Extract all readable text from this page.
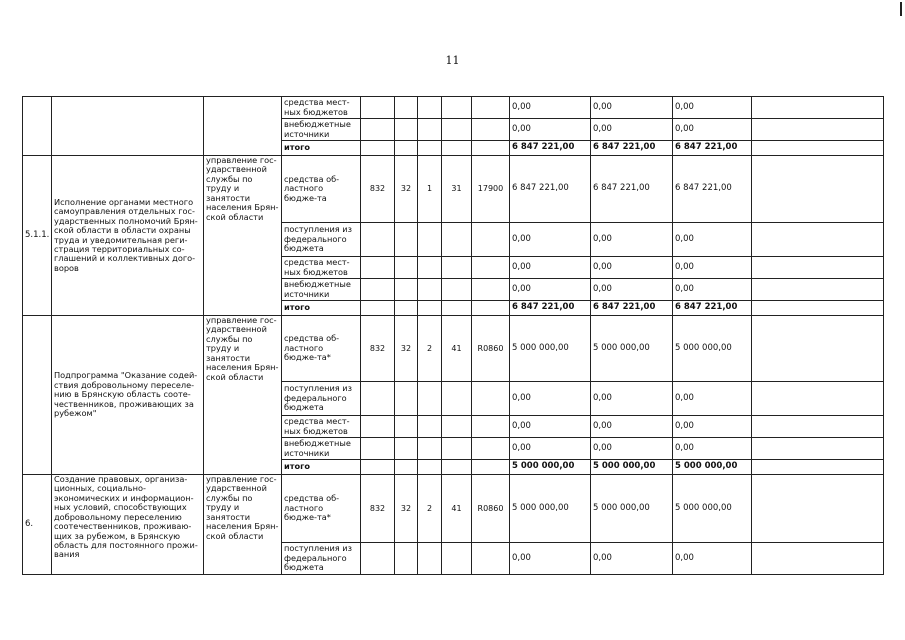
11
			средства мест-ных бюджетов						0,00	0,00	0,00	
			внебюджетные источники						0,00	0,00	0,00	
			итого						6 847 221,00	6 847 221,00	6 847 221,00	
5.1.1.	Исполнение органами местного самоуправления отдельных гос-ударственных полномочий Брян-ской области в области охраны труда и уведомительная реги-страция территориальных со-глашений и коллективных дого-воров	управление гос-ударственной службы по труду и занятости населения Брян-ской области	средства об-ластного бюдже-та	832	32	1	31	17900	6 847 221,00	6 847 221,00	6 847 221,00	
			поступления из федерального бюджета						0,00	0,00	0,00	
			средства мест-ных бюджетов						0,00	0,00	0,00	
			внебюджетные источники						0,00	0,00	0,00	
			итого						6 847 221,00	6 847 221,00	6 847 221,00	
	Подпрограмма "Оказание содей-ствия добровольному переселе-нию в Брянскую область сооте-чественников, проживающих за рубежом"	управление гос-ударственной службы по труду и занятости населения Брян-ской области	средства об-ластного бюдже-та*	832	32	2	41	R0860	5 000 000,00	5 000 000,00	5 000 000,00	
			поступления из федерального бюджета						0,00	0,00	0,00	
			средства мест-ных бюджетов						0,00	0,00	0,00	
			внебюджетные источники						0,00	0,00	0,00	
			итого						5 000 000,00	5 000 000,00	5 000 000,00	
6.	Создание правовых, организа-ционных, социально-экономических и информацион-ных условий, способствующих добровольному переселению соотечественников, проживаю-щих за рубежом, в Брянскую область для постоянного прожи-вания	управление гос-ударственной службы по труду и занятости населения Брян-ской области	средства об-ластного бюдже-та*	832	32	2	41	R0860	5 000 000,00	5 000 000,00	5 000 000,00	
			поступления из федерального бюджета						0,00	0,00	0,00	
